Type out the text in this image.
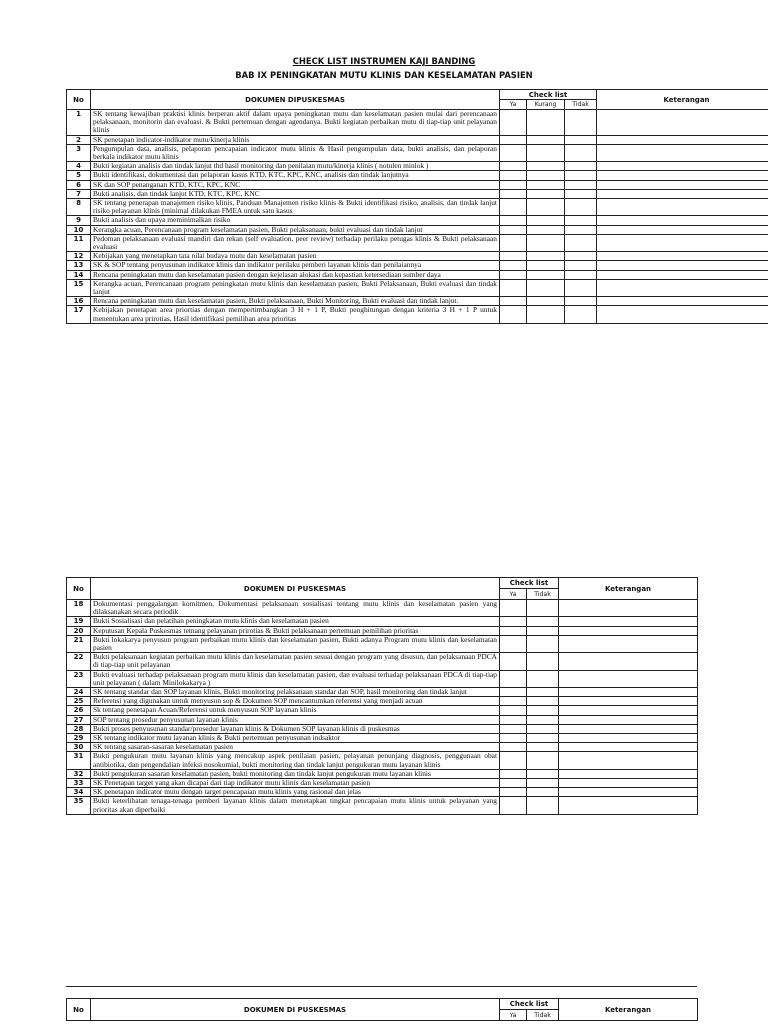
CHECK LIST INSTRUMEN KAJI BANDING
BAB IX PENINGKATAN MUTU KLINIS DAN KESELAMATAN PASIEN
No	DOKUMEN DIPUSKESMAS	Check list			Keterangan
		Ya	Kurang	Tidak	
1	SK tentang kewajiban praktisi klinis berperan aktif dalam upaya peningkatan mutu dan keselamatan pasien mulai dari perencanaan pelaksanaan, monitorin dan evaluasi. & Bukti pertemuan dengan agendanya. Bukti kegiatan perbaikan mutu di tiap-tiap unit pelayanan klinis				
2	SK penetapan indicator-indikator mutu/kinerja klinis				
3	Pengumpulan data, analisis, pelaporan pencapaian indicator mutu klinis & Hasil pengumpulan data, bukti analisis, dan pelaporan berkala indikator mutu klinis				
4	Bukti kegiatan analisis dan tindak lanjut thd hasil monitoring dan penilaian mutu/kinerja klinis ( notulen minlok )				
5	Bukti identifikasi, dokumentasi dan pelaporan kasus KTD, KTC, KPC, KNC, analisis dan tindak lanjutnya				
6	SK dan SOP penanganan KTD, KTC, KPC, KNC				
7	Bukti analisis, dan tindak lanjut KTD, KTC, KPC, KNC				
8	SK tentang penerapan manajemen risiko klinis, Panduan Manajemen risiko klinis & Bukti identifikasi risiko, analisis, dan tindak lanjut risiko pelayanan klinis (minimal dilakukan FMEA untuk satu kasus				
9	Bukti analisis dan upaya meminimalkan risiko				
10	Kerangka acuan, Perencanaan program keselamatan pasien, Bukti pelaksanaan, bukti evaluasi dan tindak lanjut				
11	Pedoman pelaksanaan evaluasi mandiri dan rekan (self evaluation, peer review) terhadap perilaku petugas klinis & Bukti pelaksanaan evaluasi				
12	Kebijakan yang menetapkan tata nilai budaya mutu dan keselamatan pasien				
13	SK & SOP tentang penyusunan indikator klinis dan indikator perilaku pemberi layanan klinis dan penilaiannya				
14	Rencana peningkatan mutu dan keselamatan pasien dengan kejelasan alokasi dan kepastian ketersediaan sumber daya				
15	Kerangka acuan, Perencanaan program peningkatan mutu klinis dan keselamatan pasien, Bukti Pelaksanaan, Bukti evaluasi dan tindak lanjut				
16	Rencana peningkatan mutu dan keselamatan pasien, Bukti pelaksanaan, Bukti Monitoring, Bukti evaluasi dan tindak lanjut.				
17	Kebijakan penetapan area priortias dengan mempertimbangkan 3 H + 1 P, Bukti penghitungan dengan kriteria 3 H + 1 P untuk menentukan area prirotias, Hasil identifikasi pemilihan area prioritas				
No	DOKUMEN DI PUSKESMAS	Check list		Keterangan
		Ya	Tidak	
18	Dokumentasi penggalangan komitmen, Dokumentasi pelaksanaan sosialisasi tentang mutu klinis dan keselamatan pasien yang dilaksanakan secara periodik			
19	Bukti Sosialisasi dan pelatihan peningkatan mutu klinis dan keselamatan pasien			
20	Keputusan Kepala Puskesmas tetnang pelayanan prirotias & Bukti pelaksanaan pertemuan pemilihan prioritas			
21	Bukti lokakarya penyusun program perbaikan mutu klinis dan keselamatan pasien, Bukti adanya Program mutu klinis dan keselamatan pasien			
22	Bukti pelaksanaan kegiatan perbaikan mutu klinis dan keselamatan pasien sesuai dengan program yang disusun, dan pelaksanaan PDCA di tiap-tiap unit pelayanan			
23	Bukti evaluasi terhadap pelaksanaan program mutu klinis dan keselamatan pasien, dan evaluasi terhadap pelaksanaan PDCA di tiap-tiap unit pelayanan ( dalam Minilokakarya )			
24	SK tentang standar dan SOP layanan klinis, Bukti monitoring pelaksanaan standar dan SOP, hasil monitoring dan tindak lanjut			
25	Referensi yang digunakan untuk menyusun sop & Dokumen SOP mencantumkan referensi yang menjadi acuan			
26	Sk tentang penetapan Acuan/Referensi untuk menyusun SOP layanan klinis			
27	SOP tentang prosedur penyusunan layanan klinis			
28	Bukti proses penyusunan standar/prosedur layanan klinis & Dokumen SOP layanan klinis di puskesmas			
29	SK tentang indikator mutu layanan klinis & Bukti pertemuan penyusunan indsaktor			
30	SK tentang sasaran-sasaran keselamatan pasien			
31	Bukti pengukuran mutu layanan klinis yang mencakup aspek penilaian pasien, pelayanan penunjang diagnosis, penggunaan obat antibiotika, dan pengendalian infeksi nosokomial, bukti monitoring dan tindak lanjut pengukuran mutu layanan klinis			
32	Bukti pengukuran sasaran keselamatan pasien, bukti monitoring dan tindak lanjut pengukuran mutu layanan klinis			
33	SK Penetapan target yang akan dicapai dari tiap indikator mutu klinis dan keselamatan pasien			
34	SK penetapan indicator mutu dengan target pencapaian mutu klinis yang rasional dan jelas			
35	Bukti keterlibatan tenaga-tenaga pemberi layanan klinis dalam menetapkan tingkat pencapaian mutu klinis untuk pelayanan yang prioritas akan diperbaiki			
No	DOKUMEN DI PUSKESMAS	Check list		Keterangan
		Ya	Tidak	
